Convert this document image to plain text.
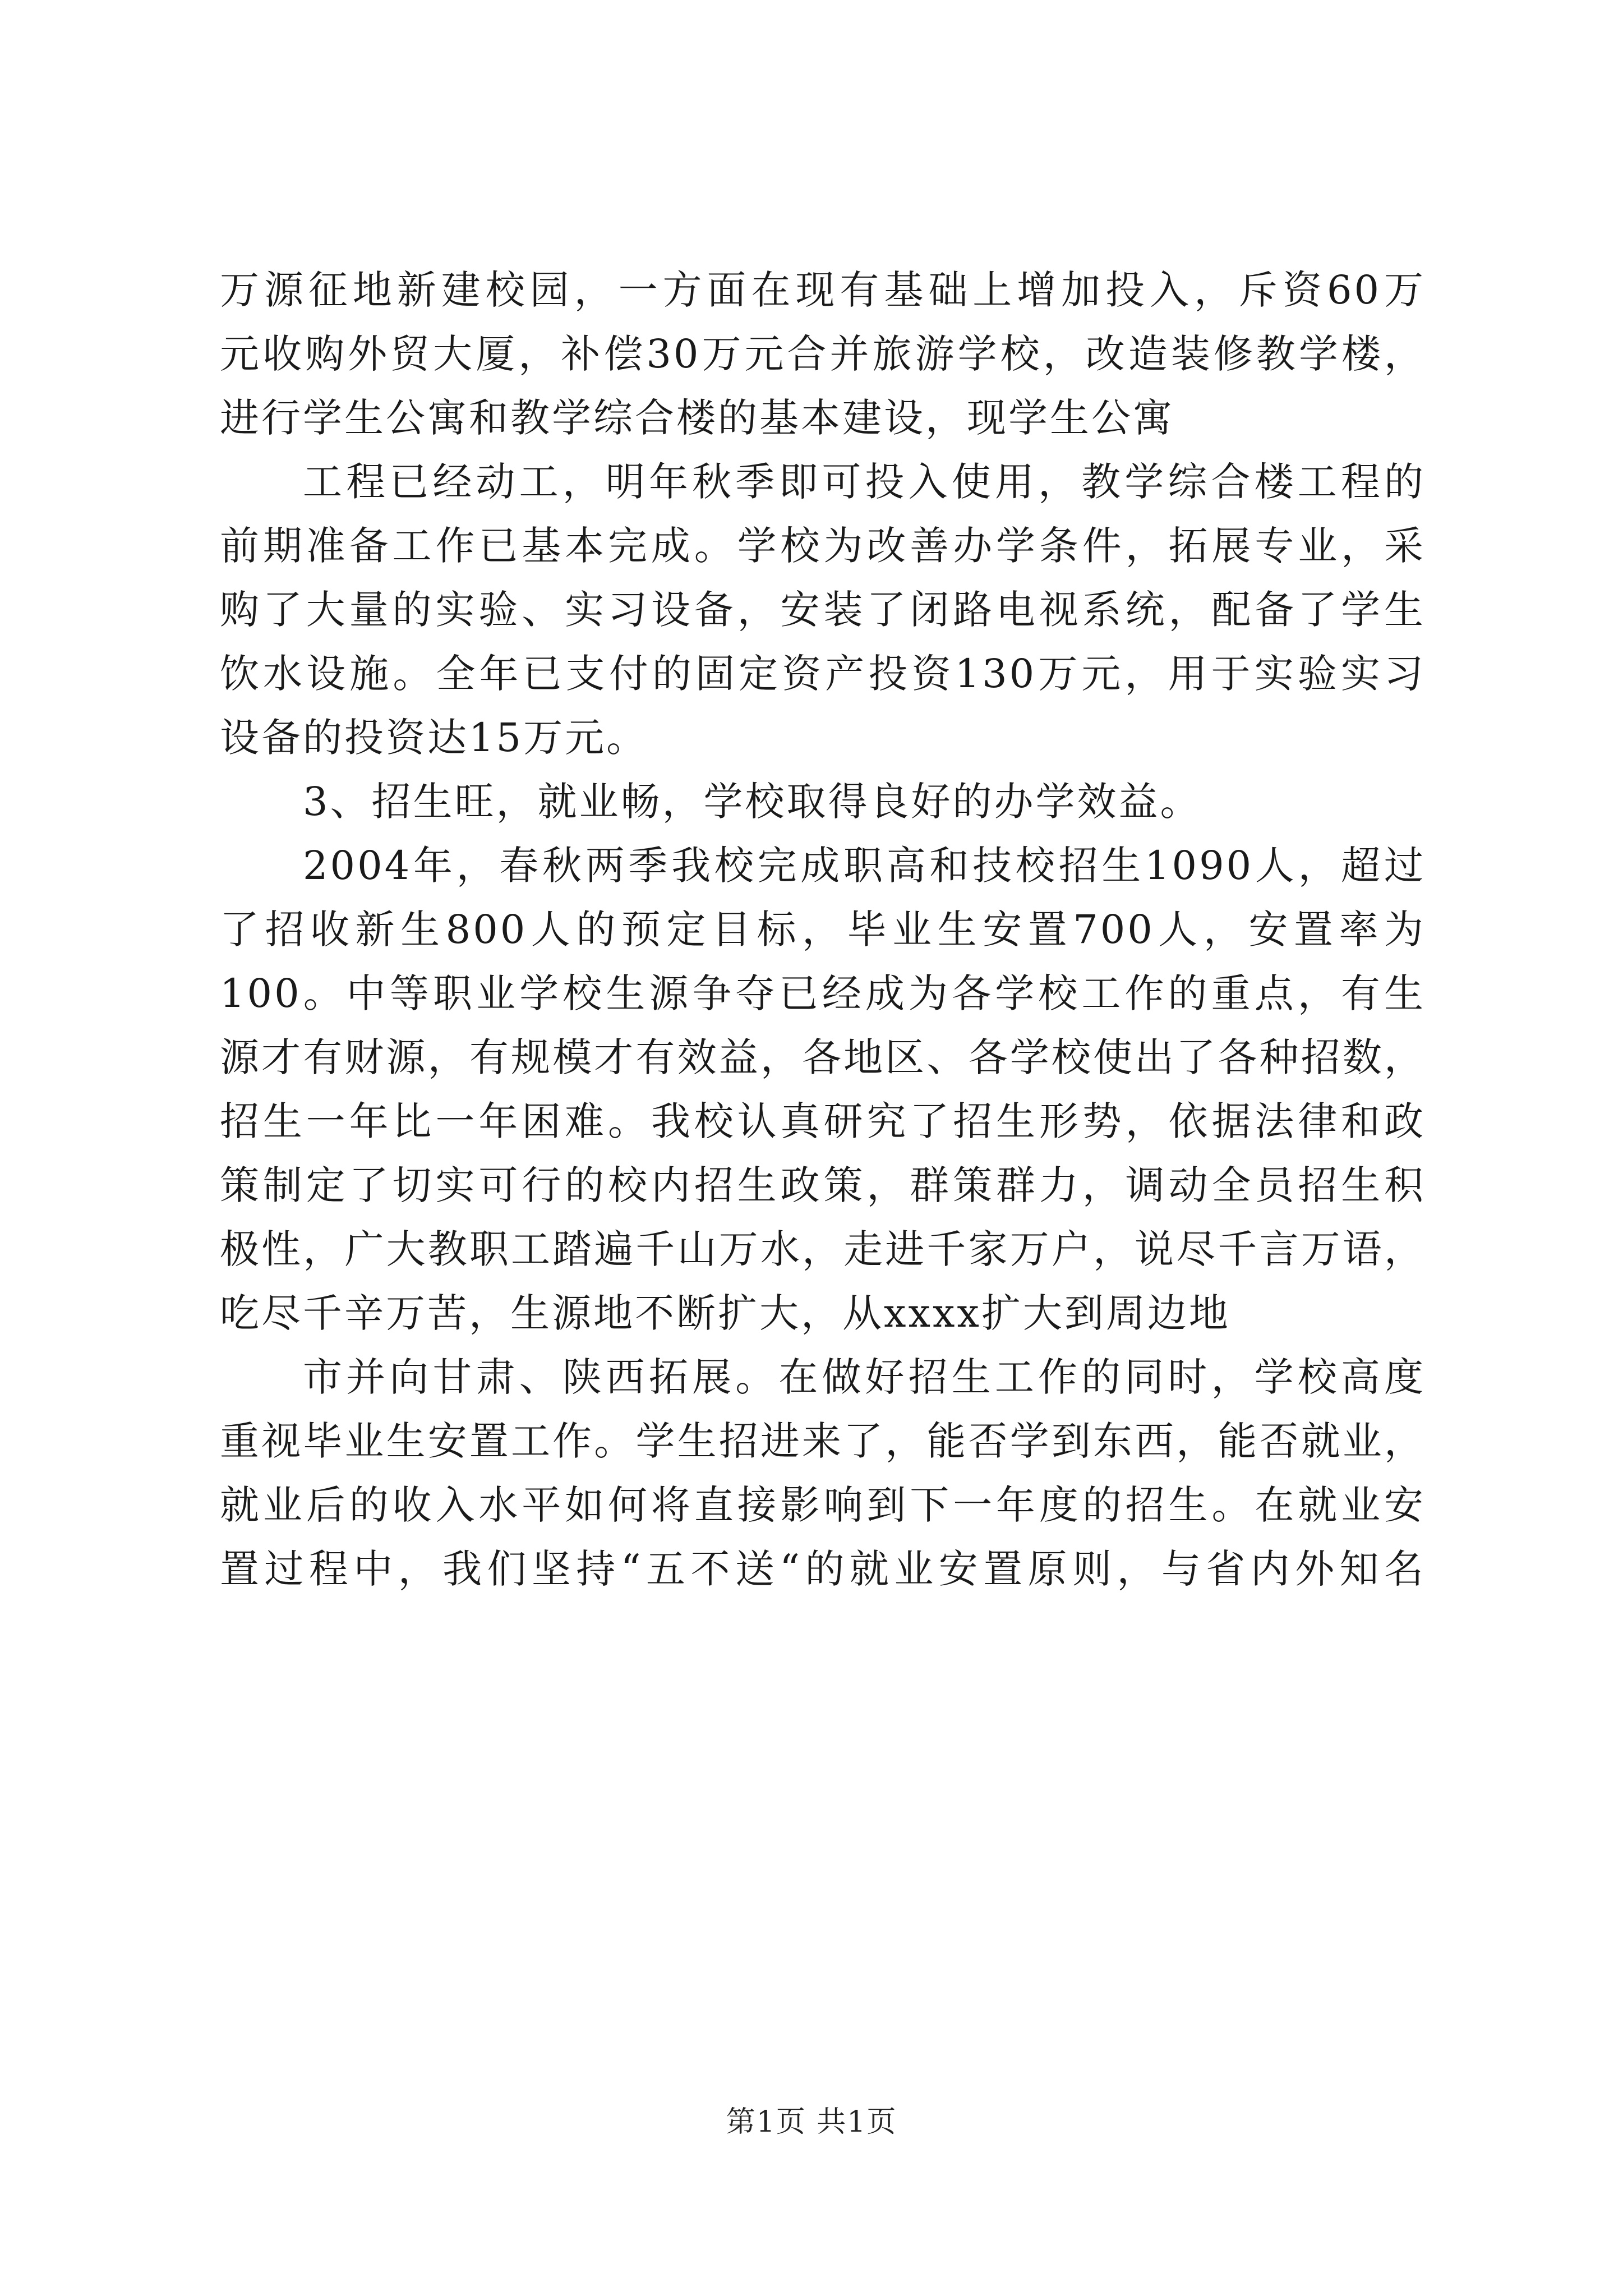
万源征地新建校园，一方面在现有基础上增加投入，斥资60万
元收购外贸大厦，补偿30万元合并旅游学校，改造装修教学楼，
进行学生公寓和教学综合楼的基本建设，现学生公寓
工程已经动工，明年秋季即可投入使用，教学综合楼工程的
前期准备工作已基本完成。学校为改善办学条件，拓展专业，采
购了大量的实验、实习设备，安装了闭路电视系统，配备了学生
饮水设施。全年已支付的固定资产投资130万元，用于实验实习
设备的投资达15万元。
3、招生旺，就业畅，学校取得良好的办学效益。
2004年，春秋两季我校完成职高和技校招生1090人，超过
了招收新生800人的预定目标，毕业生安置700人，安置率为
100。中等职业学校生源争夺已经成为各学校工作的重点，有生
源才有财源，有规模才有效益，各地区、各学校使出了各种招数，
招生一年比一年困难。我校认真研究了招生形势，依据法律和政
策制定了切实可行的校内招生政策，群策群力，调动全员招生积
极性，广大教职工踏遍千山万水，走进千家万户，说尽千言万语，
吃尽千辛万苦，生源地不断扩大，从xxxx扩大到周边地
市并向甘肃、陕西拓展。在做好招生工作的同时，学校高度
重视毕业生安置工作。学生招进来了，能否学到东西，能否就业，
就业后的收入水平如何将直接影响到下一年度的招生。在就业安
置过程中，我们坚持“五不送“的就业安置原则，与省内外知名
第1页 共1页
